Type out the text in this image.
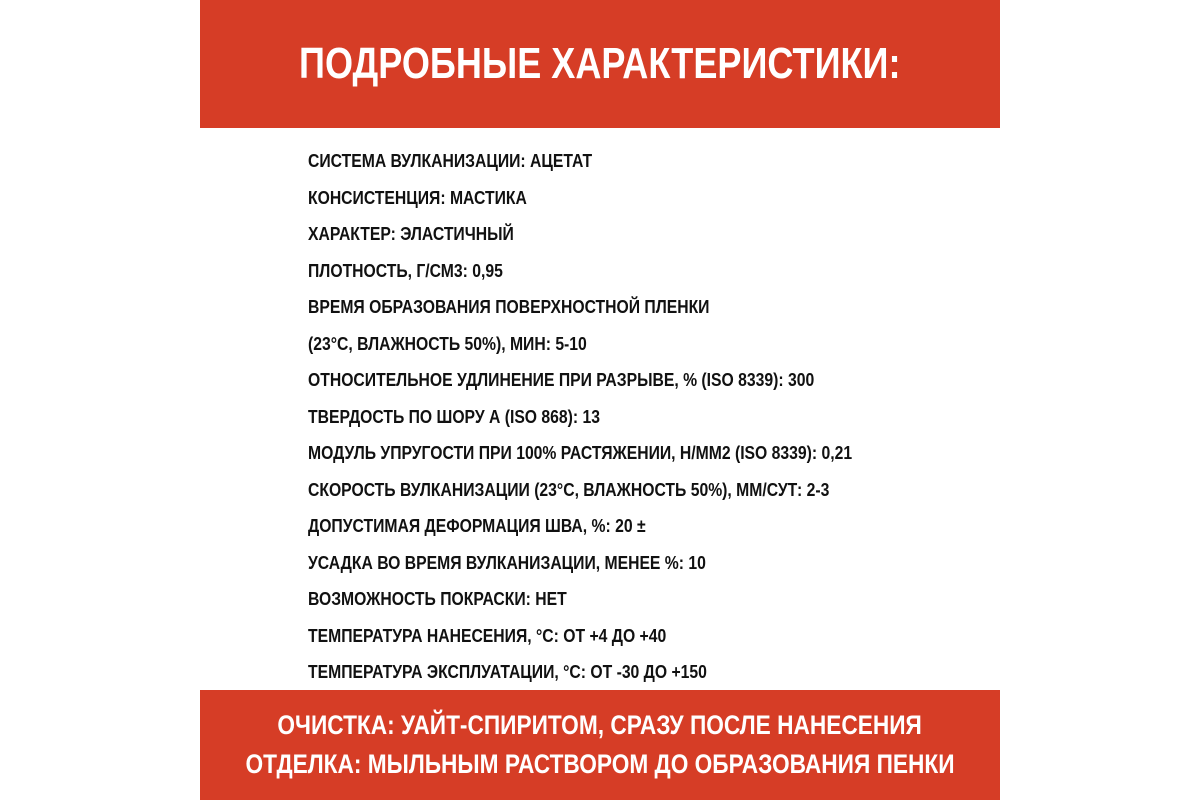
ПОДРОБНЫЕ ХАРАКТЕРИСТИКИ:
СИСТЕМА ВУЛКАНИЗАЦИИ: АЦЕТАТ
КОНСИСТЕНЦИЯ: МАСТИКА
ХАРАКТЕР: ЭЛАСТИЧНЫЙ
ПЛОТНОСТЬ, Г/СМ3: 0,95
ВРЕМЯ ОБРАЗОВАНИЯ ПОВЕРХНОСТНОЙ ПЛЕНКИ
(23°С, ВЛАЖНОСТЬ 50%), МИН: 5-10
ОТНОСИТЕЛЬНОЕ УДЛИНЕНИЕ ПРИ РАЗРЫВЕ, % (ISO 8339): 300
ТВЕРДОСТЬ ПО ШОРУ А (ISO 868): 13
МОДУЛЬ УПРУГОСТИ ПРИ 100% РАСТЯЖЕНИИ, Н/ММ2 (ISO 8339): 0,21
СКОРОСТЬ ВУЛКАНИЗАЦИИ (23°С, ВЛАЖНОСТЬ 50%), ММ/СУТ: 2-3
ДОПУСТИМАЯ ДЕФОРМАЦИЯ ШВА, %: 20 ±
УСАДКА ВО ВРЕМЯ ВУЛКАНИЗАЦИИ, МЕНЕЕ %: 10
ВОЗМОЖНОСТЬ ПОКРАСКИ: НЕТ
ТЕМПЕРАТУРА НАНЕСЕНИЯ, °С: ОТ +4 ДО +40
ТЕМПЕРАТУРА ЭКСПЛУАТАЦИИ, °С: ОТ -30 ДО +150
ОЧИСТКА: УАЙТ-СПИРИТОМ, СРАЗУ ПОСЛЕ НАНЕСЕНИЯ
ОТДЕЛКА: МЫЛЬНЫМ РАСТВОРОМ ДО ОБРАЗОВАНИЯ ПЕНКИ
